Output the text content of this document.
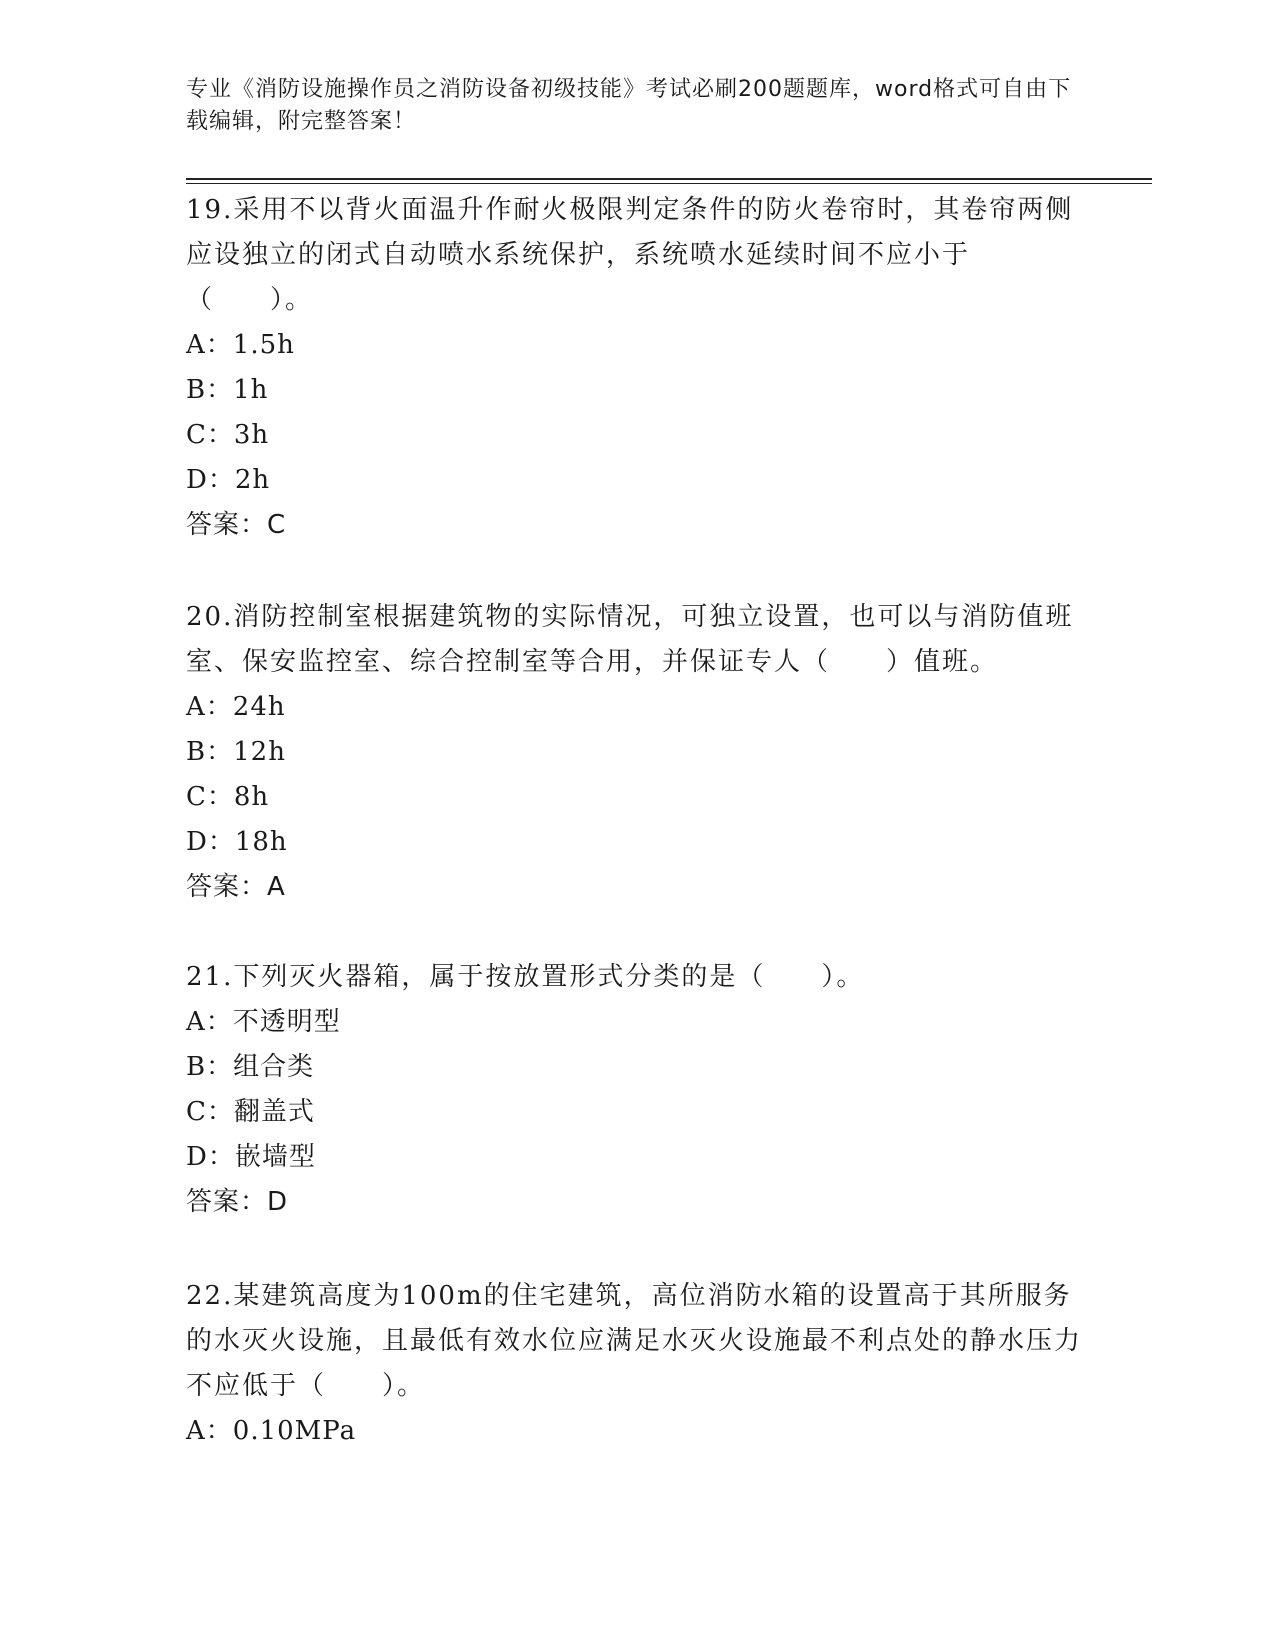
专业《消防设施操作员之消防设备初级技能》考试必刷200题题库，word格式可自由下载编辑，附完整答案！
19.采用不以背火面温升作耐火极限判定条件的防火卷帘时，其卷帘两侧应设独立的闭式自动喷水系统保护，系统喷水延续时间不应小于（　　）。
A：1.5h
B：1h
C：3h
D：2h
答案：C
20.消防控制室根据建筑物的实际情况，可独立设置，也可以与消防值班室、保安监控室、综合控制室等合用，并保证专人（　　）值班。
A：24h
B：12h
C：8h
D：18h
答案：A
21.下列灭火器箱，属于按放置形式分类的是（　　）。
A：不透明型
B：组合类
C：翻盖式
D：嵌墙型
答案：D
22.某建筑高度为100m的住宅建筑，高位消防水箱的设置高于其所服务的水灭火设施，且最低有效水位应满足水灭火设施最不利点处的静水压力不应低于（　　）。
A：0.10MPa
